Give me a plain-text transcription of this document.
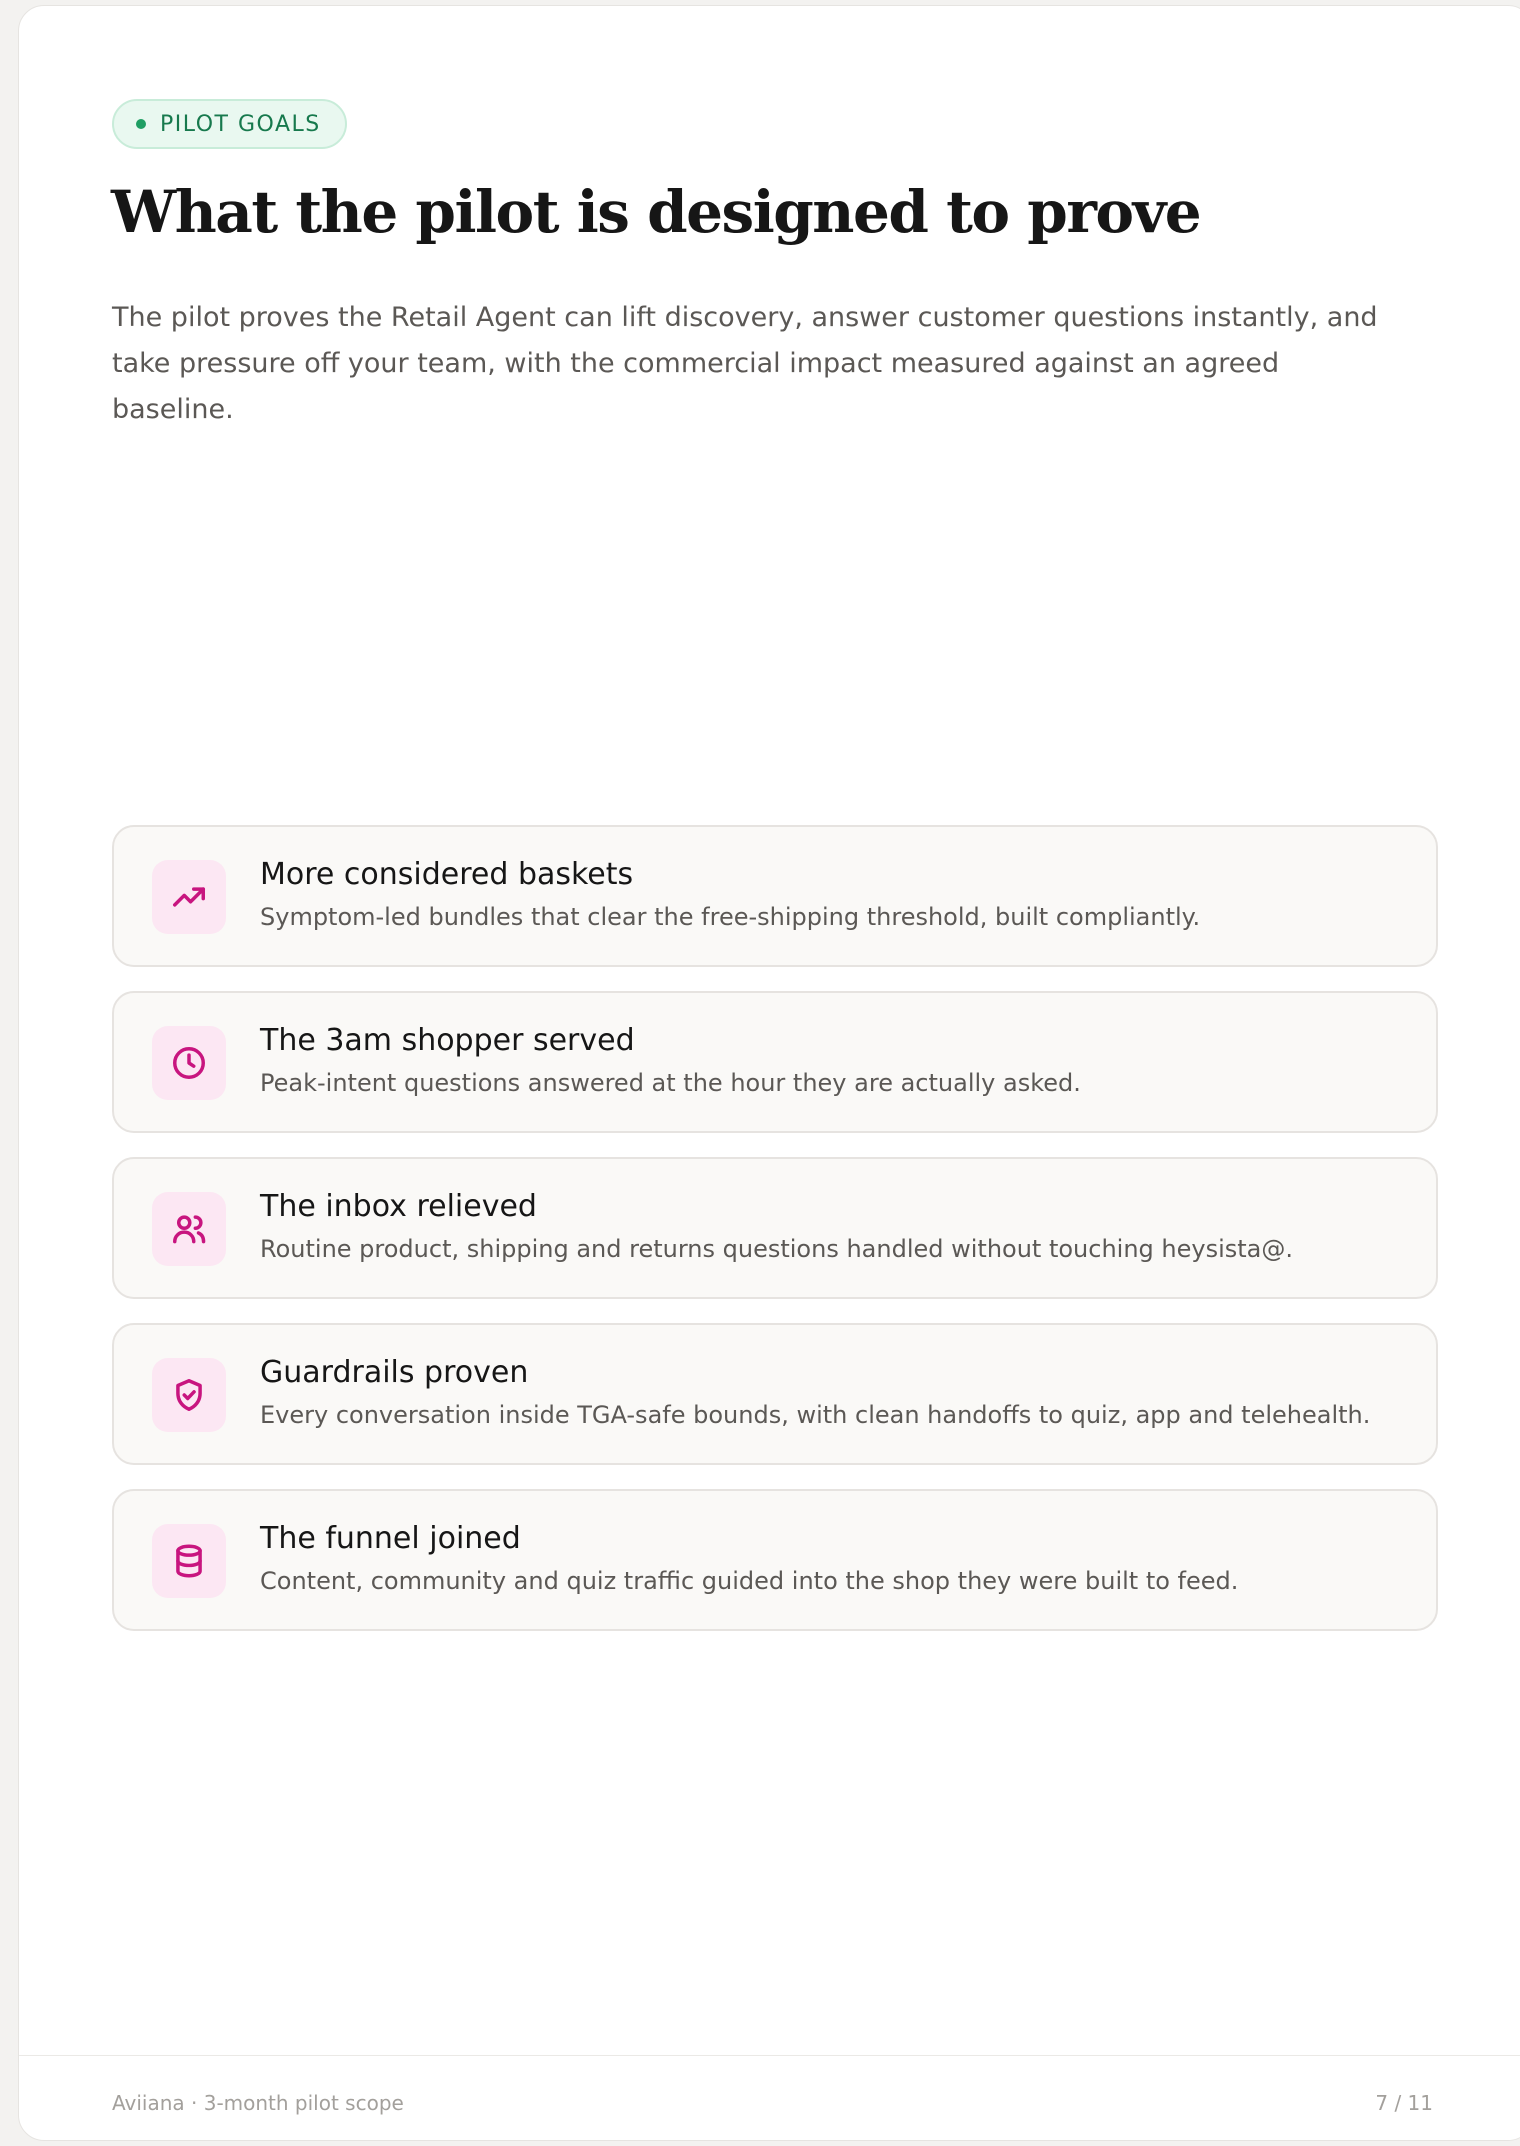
PILOT GOALS
What the pilot is designed to prove

The pilot proves the Retail Agent can lift discovery, answer customer questions instantly, and take pressure off your team, with the commercial impact measured against an agreed baseline.

More considered baskets
Symptom-led bundles that clear the free-shipping threshold, built compliantly.
The 3am shopper served
Peak-intent questions answered at the hour they are actually asked.
The inbox relieved
Routine product, shipping and returns questions handled without touching heysista@.
Guardrails proven
Every conversation inside TGA-safe bounds, with clean handoffs to quiz, app and telehealth.
The funnel joined
Content, community and quiz traffic guided into the shop they were built to feed.
Aviiana · 3-month pilot scope	7 / 11
